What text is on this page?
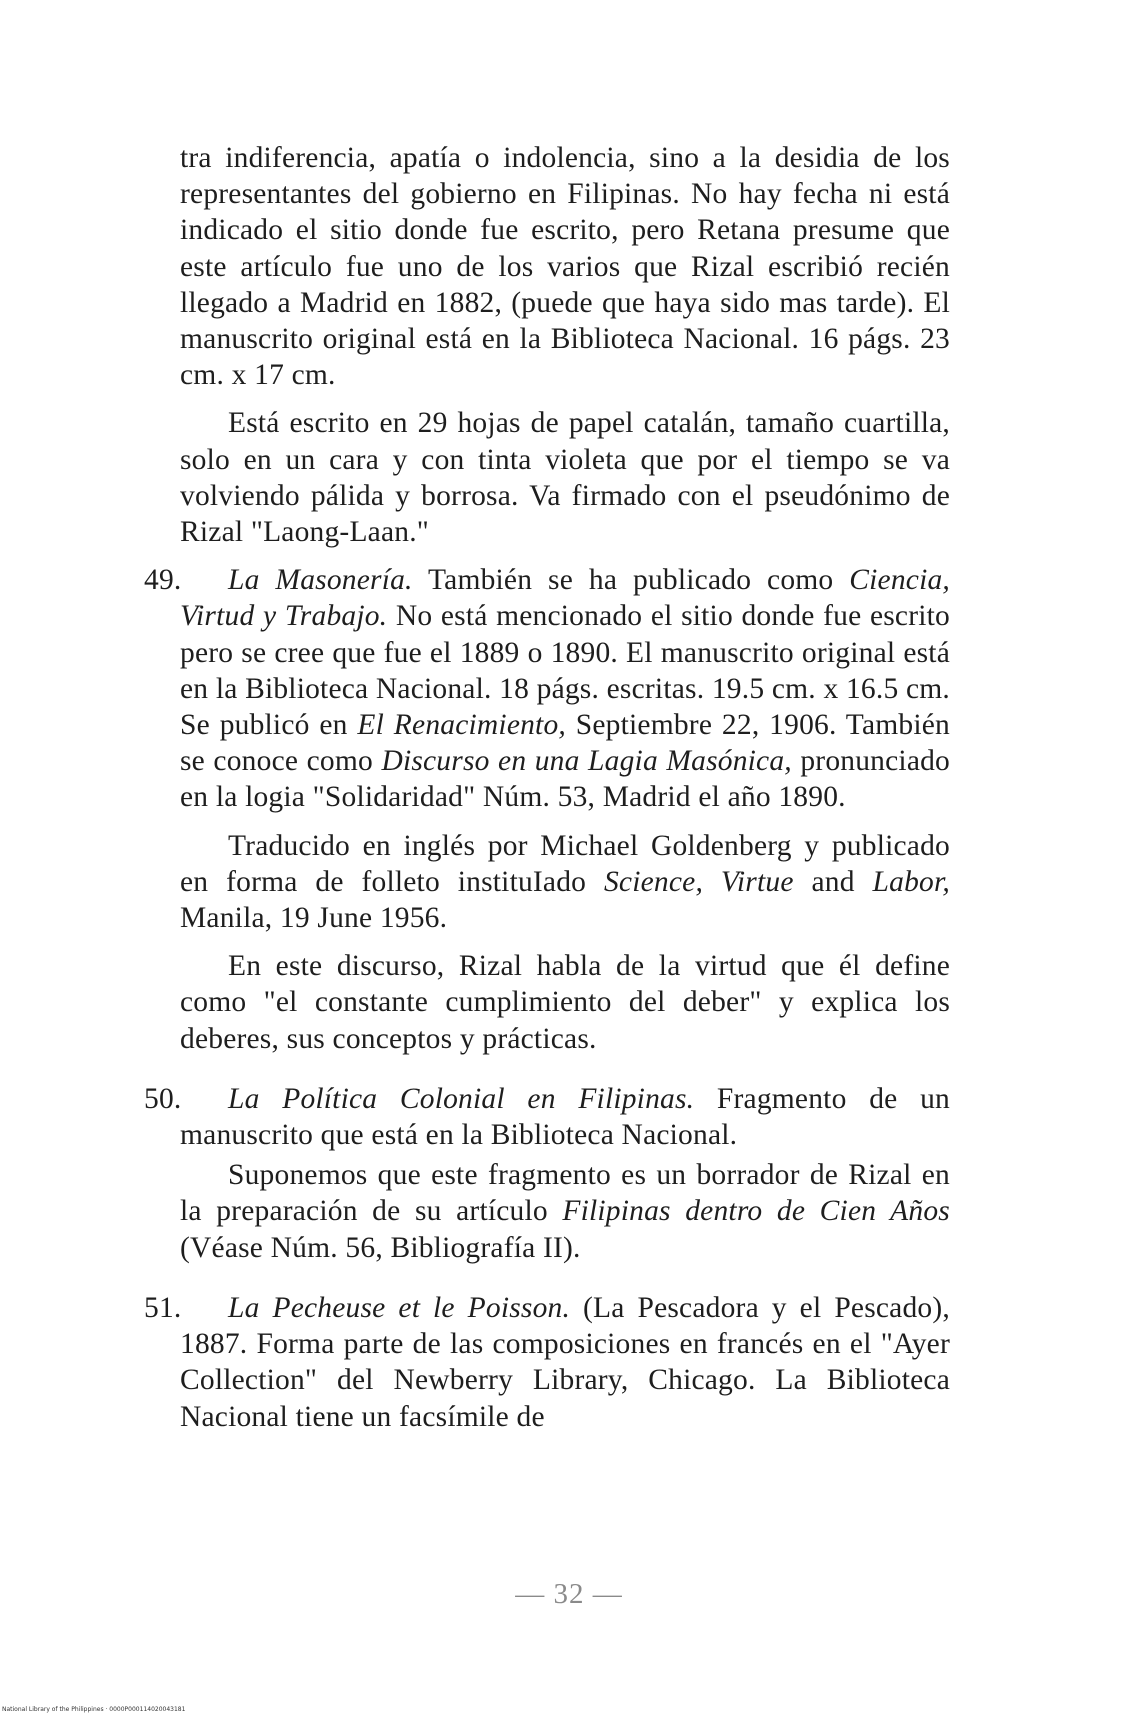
tra indiferencia, apatía o indolencia, sino a la desidia de los representantes del gobierno en Filipinas. No hay fecha ni está indicado el sitio donde fue escrito, pero Retana presume que este artículo fue uno de los varios que Rizal escribió recién llegado a Madrid en 1882, (puede que haya sido mas tarde). El manuscrito original está en la Biblioteca Nacional. 16 págs. 23 cm. x 17 cm.

Está escrito en 29 hojas de papel catalán, tamaño cuartilla, solo en un cara y con tinta violeta que por el tiempo se va volviendo pálida y borrosa. Va firmado con el pseudónimo de Rizal "Laong-Laan."

49.	La Masonería. También se ha publicado como Ciencia, Virtud y Trabajo. No está mencionado el sitio donde fue escrito pero se cree que fue el 1889 o 1890. El manuscrito original está en la Biblioteca Nacional. 18 págs. escritas. 19.5 cm. x 16.5 cm. Se publicó en El Renacimiento, Septiembre 22, 1906. También se conoce como Discurso en una Lagia Masónica, pronunciado en la logia "Solidaridad" Núm. 53, Madrid el año 1890.

Traducido en inglés por Michael Goldenberg y publicado en forma de folleto instituIado Science, Virtue and Labor, Manila, 19 June 1956.

En este discurso, Rizal habla de la virtud que él define como "el constante cumplimiento del deber" y explica los deberes, sus conceptos y prácticas.

50.	La Política Colonial en Filipinas. Fragmento de un manuscrito que está en la Biblioteca Nacional.

Suponemos que este fragmento es un borrador de Rizal en la preparación de su artículo Filipinas dentro de Cien Años (Véase Núm. 56, Bibliografía II).

51.	La Pecheuse et le Poisson. (La Pescadora y el Pescado), 1887. Forma parte de las composiciones en francés en el "Ayer Collection" del Newberry Library, Chicago. La Biblioteca Nacional tiene un facsímile de

— 32 —
National Library of the Philippines · 0000P000114020043181
